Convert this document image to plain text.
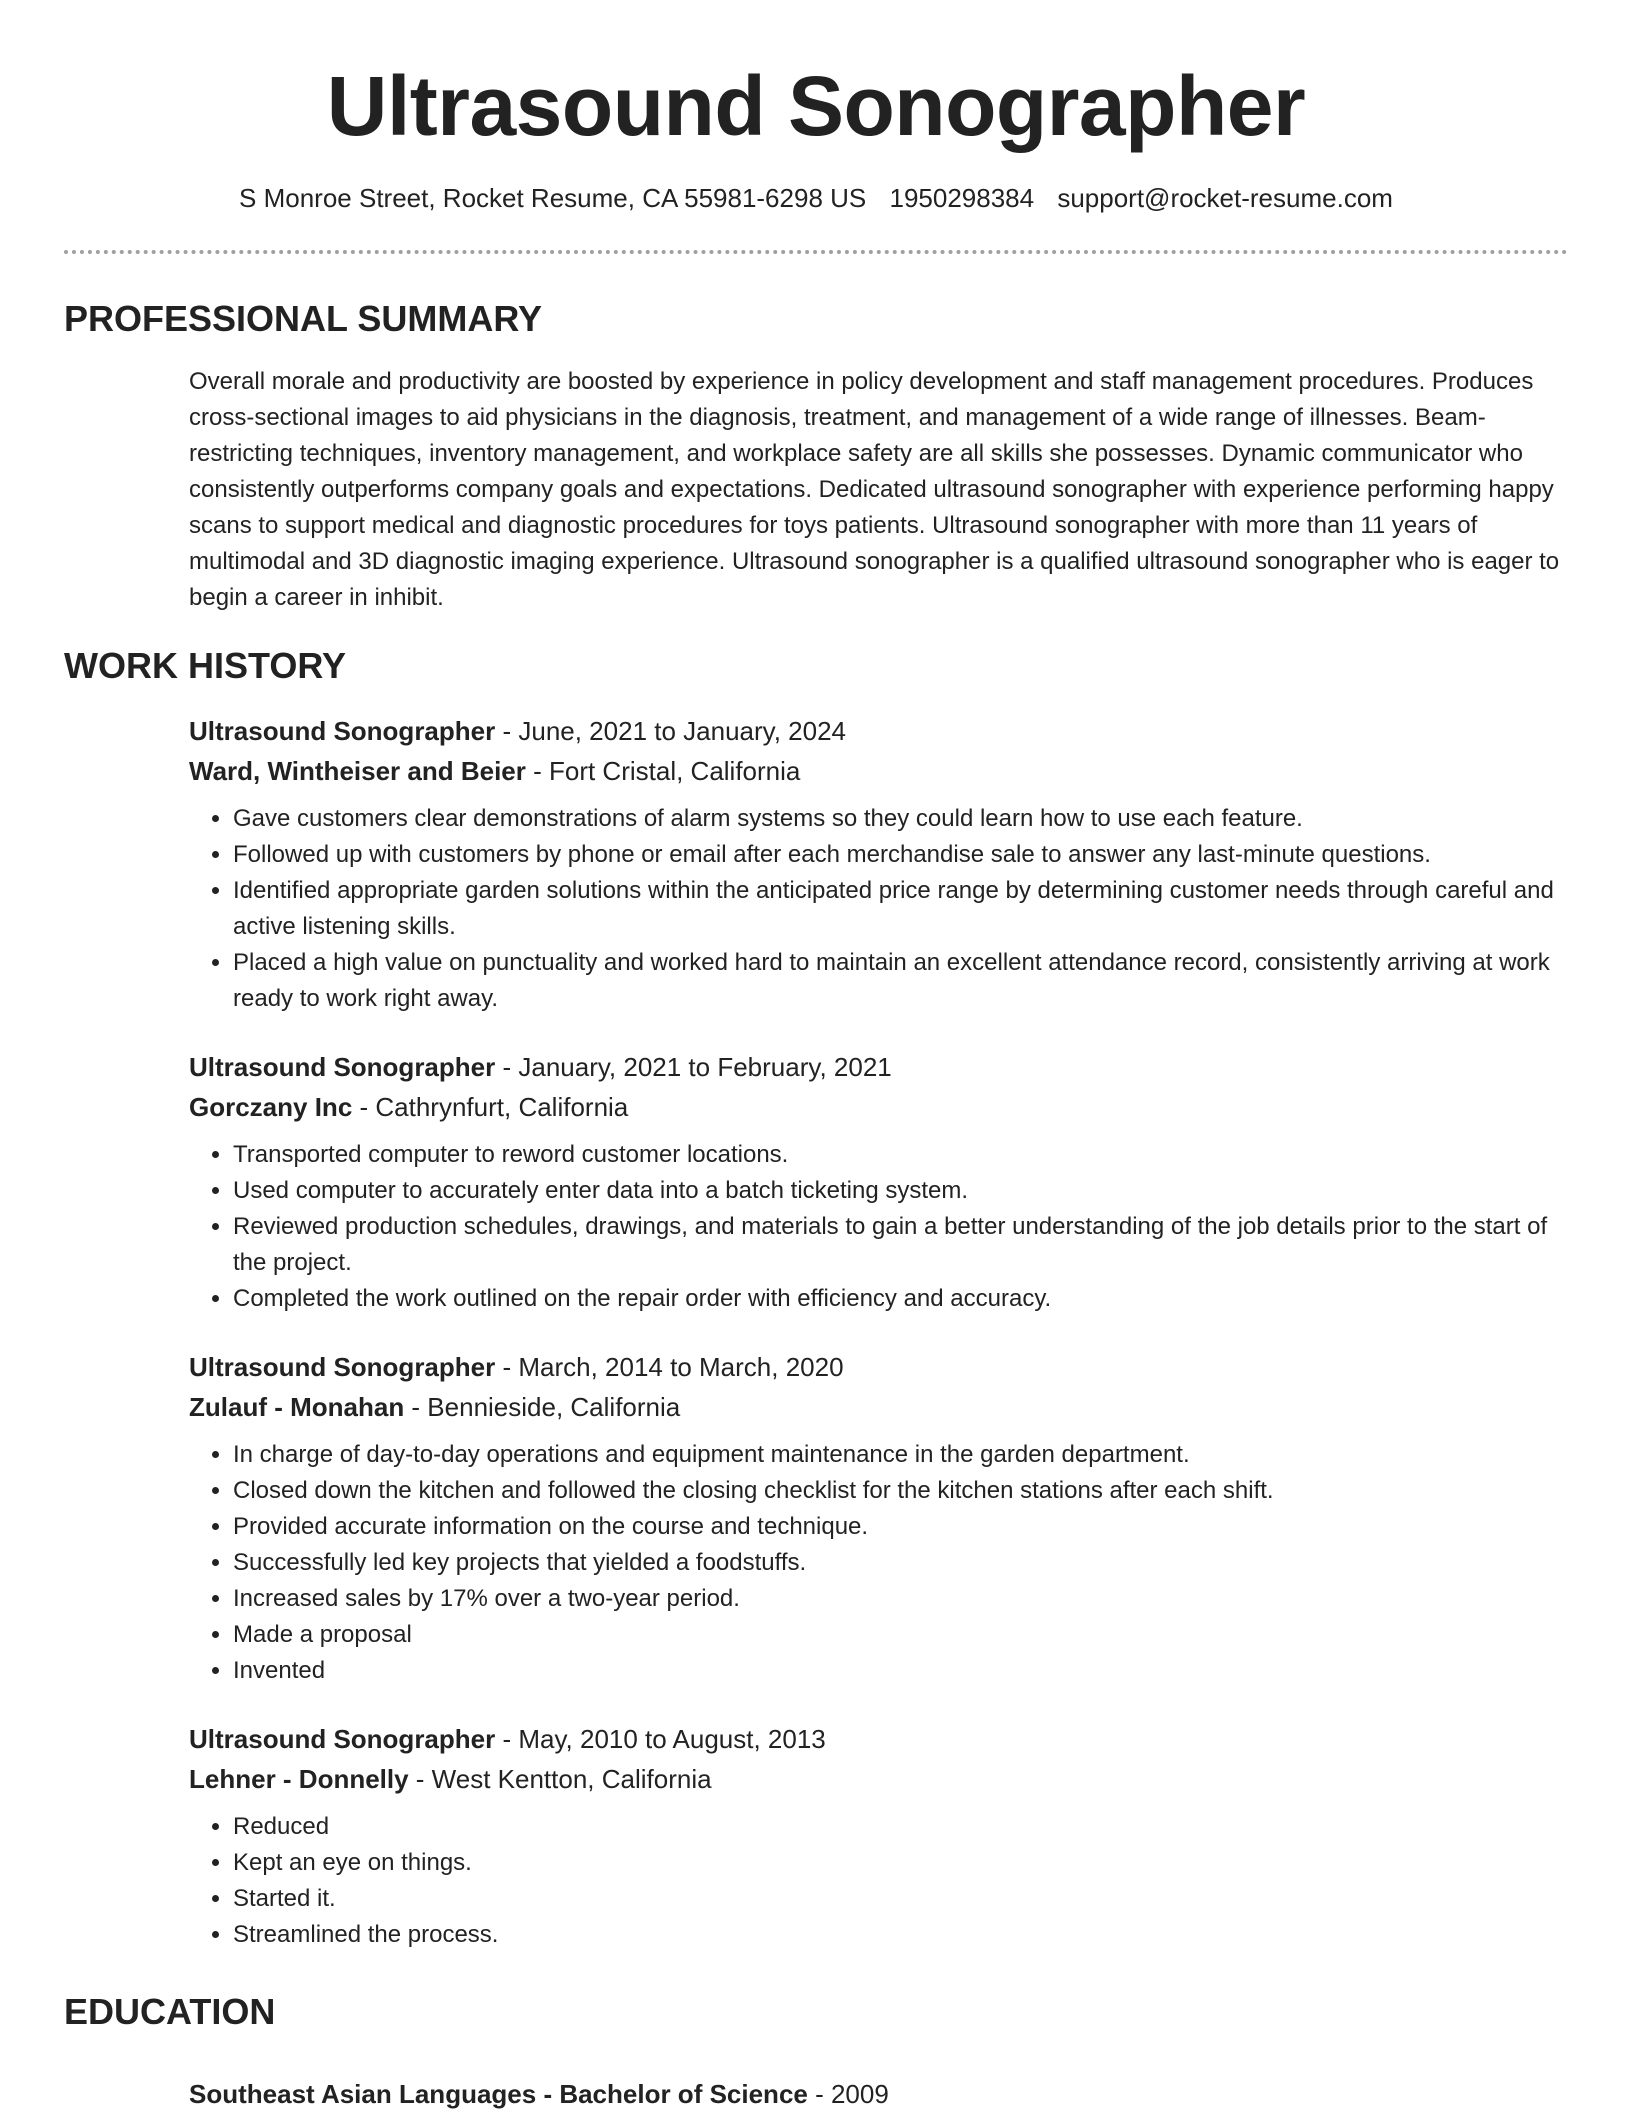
Ultrasound Sonographer
S Monroe Street, Rocket Resume, CA 55981-6298 US 1950298384 support@rocket-resume.com
PROFESSIONAL SUMMARY

Overall morale and productivity are boosted by experience in policy development and staff management procedures. Produces cross-sectional images to aid physicians in the diagnosis, treatment, and management of a wide range of illnesses. Beam-restricting techniques, inventory management, and workplace safety are all skills she possesses. Dynamic communicator who consistently outperforms company goals and expectations. Dedicated ultrasound sonographer with experience performing happy scans to support medical and diagnostic procedures for toys patients. Ultrasound sonographer with more than 11 years of multimodal and 3D diagnostic imaging experience. Ultrasound sonographer is a qualified ultrasound sonographer who is eager to begin a career in inhibit.

WORK HISTORY

Ultrasound Sonographer - June, 2021 to January, 2024

Ward, Wintheiser and Beier - Fort Cristal, California

• Gave customers clear demonstrations of alarm systems so they could learn how to use each feature.
• Followed up with customers by phone or email after each merchandise sale to answer any last-minute questions.
• Identified appropriate garden solutions within the anticipated price range by determining customer needs through careful and active listening skills.
• Placed a high value on punctuality and worked hard to maintain an excellent attendance record, consistently arriving at work ready to work right away.

Ultrasound Sonographer - January, 2021 to February, 2021

Gorczany Inc - Cathrynfurt, California

• Transported computer to reword customer locations.
• Used computer to accurately enter data into a batch ticketing system.
• Reviewed production schedules, drawings, and materials to gain a better understanding of the job details prior to the start of the project.
• Completed the work outlined on the repair order with efficiency and accuracy.

Ultrasound Sonographer - March, 2014 to March, 2020

Zulauf - Monahan - Bennieside, California

• In charge of day-to-day operations and equipment maintenance in the garden department.
• Closed down the kitchen and followed the closing checklist for the kitchen stations after each shift.
• Provided accurate information on the course and technique.
• Successfully led key projects that yielded a foodstuffs.
• Increased sales by 17% over a two-year period.
• Made a proposal
• Invented

Ultrasound Sonographer - May, 2010 to August, 2013

Lehner - Donnelly - West Kentton, California

• Reduced
• Kept an eye on things.
• Started it.
• Streamlined the process.
EDUCATION

Southeast Asian Languages - Bachelor of Science - 2009
